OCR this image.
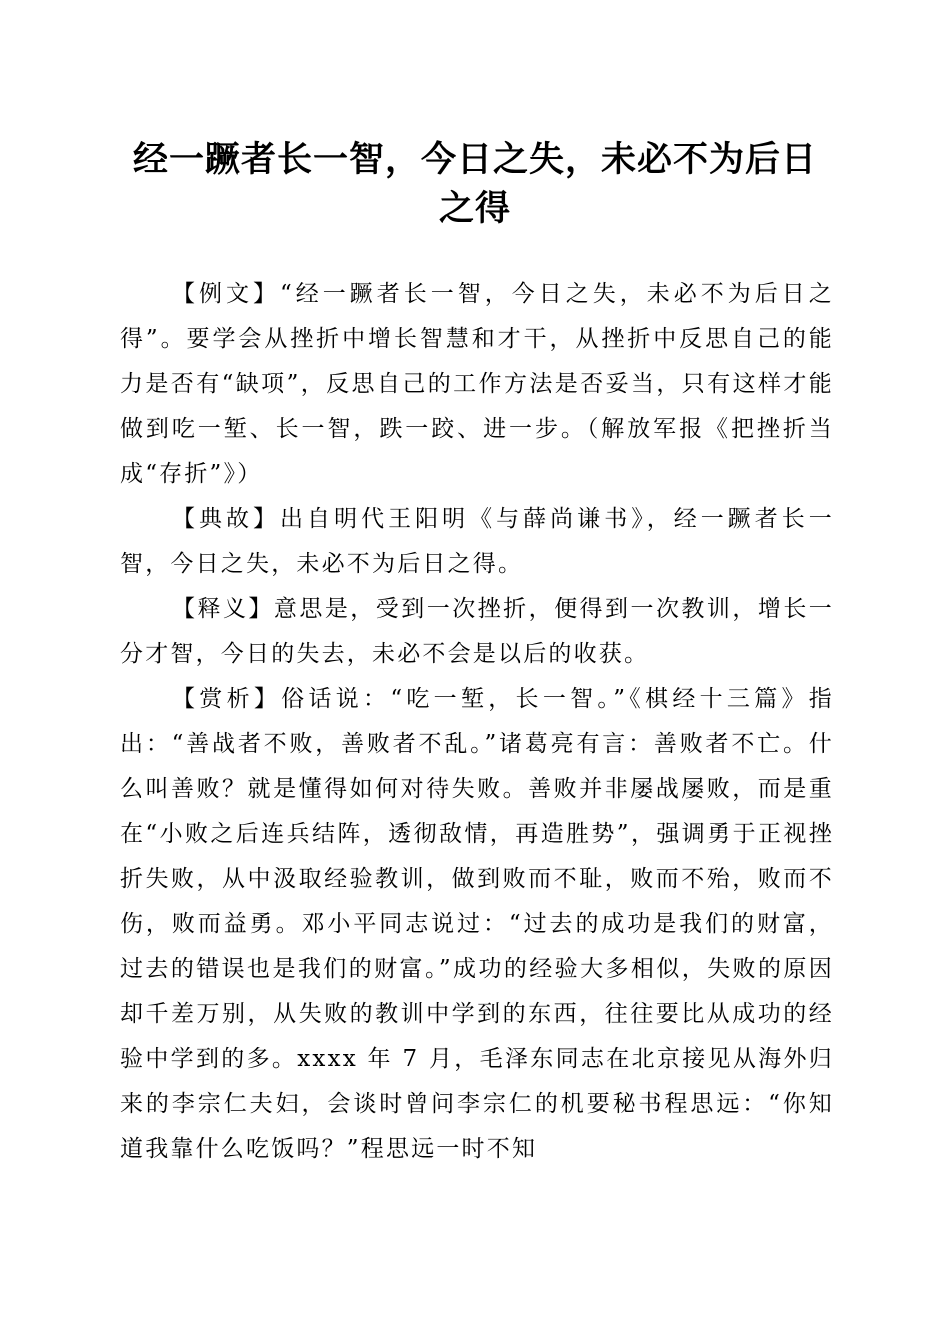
经一蹶者长一智，今日之失，未必不为后日之得

【例文】“经一蹶者长一智，今日之失，未必不为后日之得”。要学会从挫折中增长智慧和才干，从挫折中反思自己的能力是否有“缺项”，反思自己的工作方法是否妥当，只有这样才能做到吃一堑、长一智，跌一跤、进一步。（解放军报《把挫折当成“存折”》）

【典故】出自明代王阳明《与薛尚谦书》，经一蹶者长一智，今日之失，未必不为后日之得。

【释义】意思是，受到一次挫折，便得到一次教训，增长一分才智，今日的失去，未必不会是以后的收获。

【赏析】俗话说：“吃一堑，长一智。”《棋经十三篇》指出：“善战者不败，善败者不乱。”诸葛亮有言：善败者不亡。什么叫善败？就是懂得如何对待失败。善败并非屡战屡败，而是重在“小败之后连兵结阵，透彻敌情，再造胜势”，强调勇于正视挫折失败，从中汲取经验教训，做到败而不耻，败而不殆，败而不伤，败而益勇。邓小平同志说过：“过去的成功是我们的财富，过去的错误也是我们的财富。”成功的经验大多相似，失败的原因却千差万别，从失败的教训中学到的东西，往往要比从成功的经验中学到的多。xxxx 年 7 月，毛泽东同志在北京接见从海外归来的李宗仁夫妇，会谈时曾问李宗仁的机要秘书程思远：“你知道我靠什么吃饭吗？”程思远一时不知
